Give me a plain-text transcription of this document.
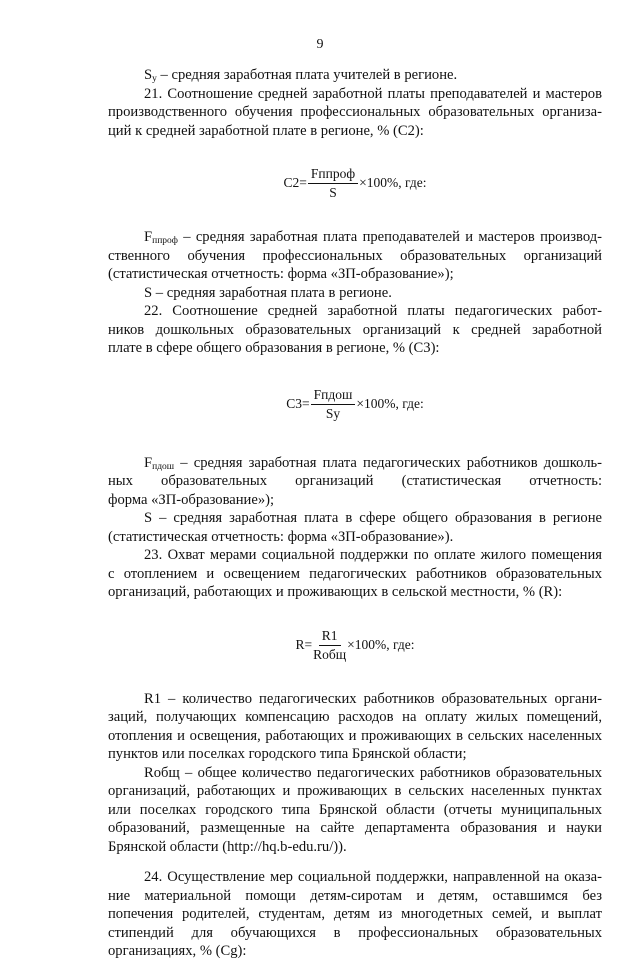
9

$S_у$ – средняя заработная плата учителей в регионе.

21. Соотношение средней заработной платы преподавателей и мастеров

производственного обучения профессиональных образовательных организа-

ций к средней заработной плате в регионе, % (С2):

$С2= \frac{\text{Fппроф}}{S} \times 100\%$, где:

$F_{ппроф}$ – средняя заработная плата преподавателей и мастеров производ-

ственного обучения профессиональных образовательных организаций

(статистическая отчетность: форма «ЗП-образование»);

S – средняя заработная плата в регионе.

22. Соотношение средней заработной платы педагогических работ-

ников дошкольных образовательных организаций к средней заработной

плате в сфере общего образования в регионе, % (С3):

$С3= \frac{\text{Fпдош}}{Sу} \times 100\%$, где:

$F_{пдош}$ – средняя заработная плата педагогических работников дошколь-

ных образовательных организаций (статистическая отчетность:

форма «ЗП-образование»);

S – средняя заработная плата в сфере общего образования в регионе

(статистическая отчетность: форма «ЗП-образование»).

23. Охват мерами социальной поддержки по оплате жилого помещения

с отоплением и освещением педагогических работников образовательных

организаций, работающих и проживающих в сельской местности, % (R):

$R= \frac{R1}{\text{Rобщ}} \times 100\%$, где:

R1 – количество педагогических работников образовательных органи-

заций, получающих компенсацию расходов на оплату жилых помещений,

отопления и освещения, работающих и проживающих в сельских населенных

пунктов или поселках городского типа Брянской области;

Rобщ – общее количество педагогических работников образовательных

организаций, работающих и проживающих в сельских населенных пунктах

или поселках городского типа Брянской области (отчеты муниципальных

образований, размещенные на сайте департамента образования и науки

Брянской области (http://hq.b-edu.ru/)).

24. Осуществление мер социальной поддержки, направленной на оказа-

ние материальной помощи детям-сиротам и детям, оставшимся без

попечения родителей, студентам, детям из многодетных семей, и выплат

стипендий для обучающихся в профессиональных образовательных

организациях, % (Сg):
